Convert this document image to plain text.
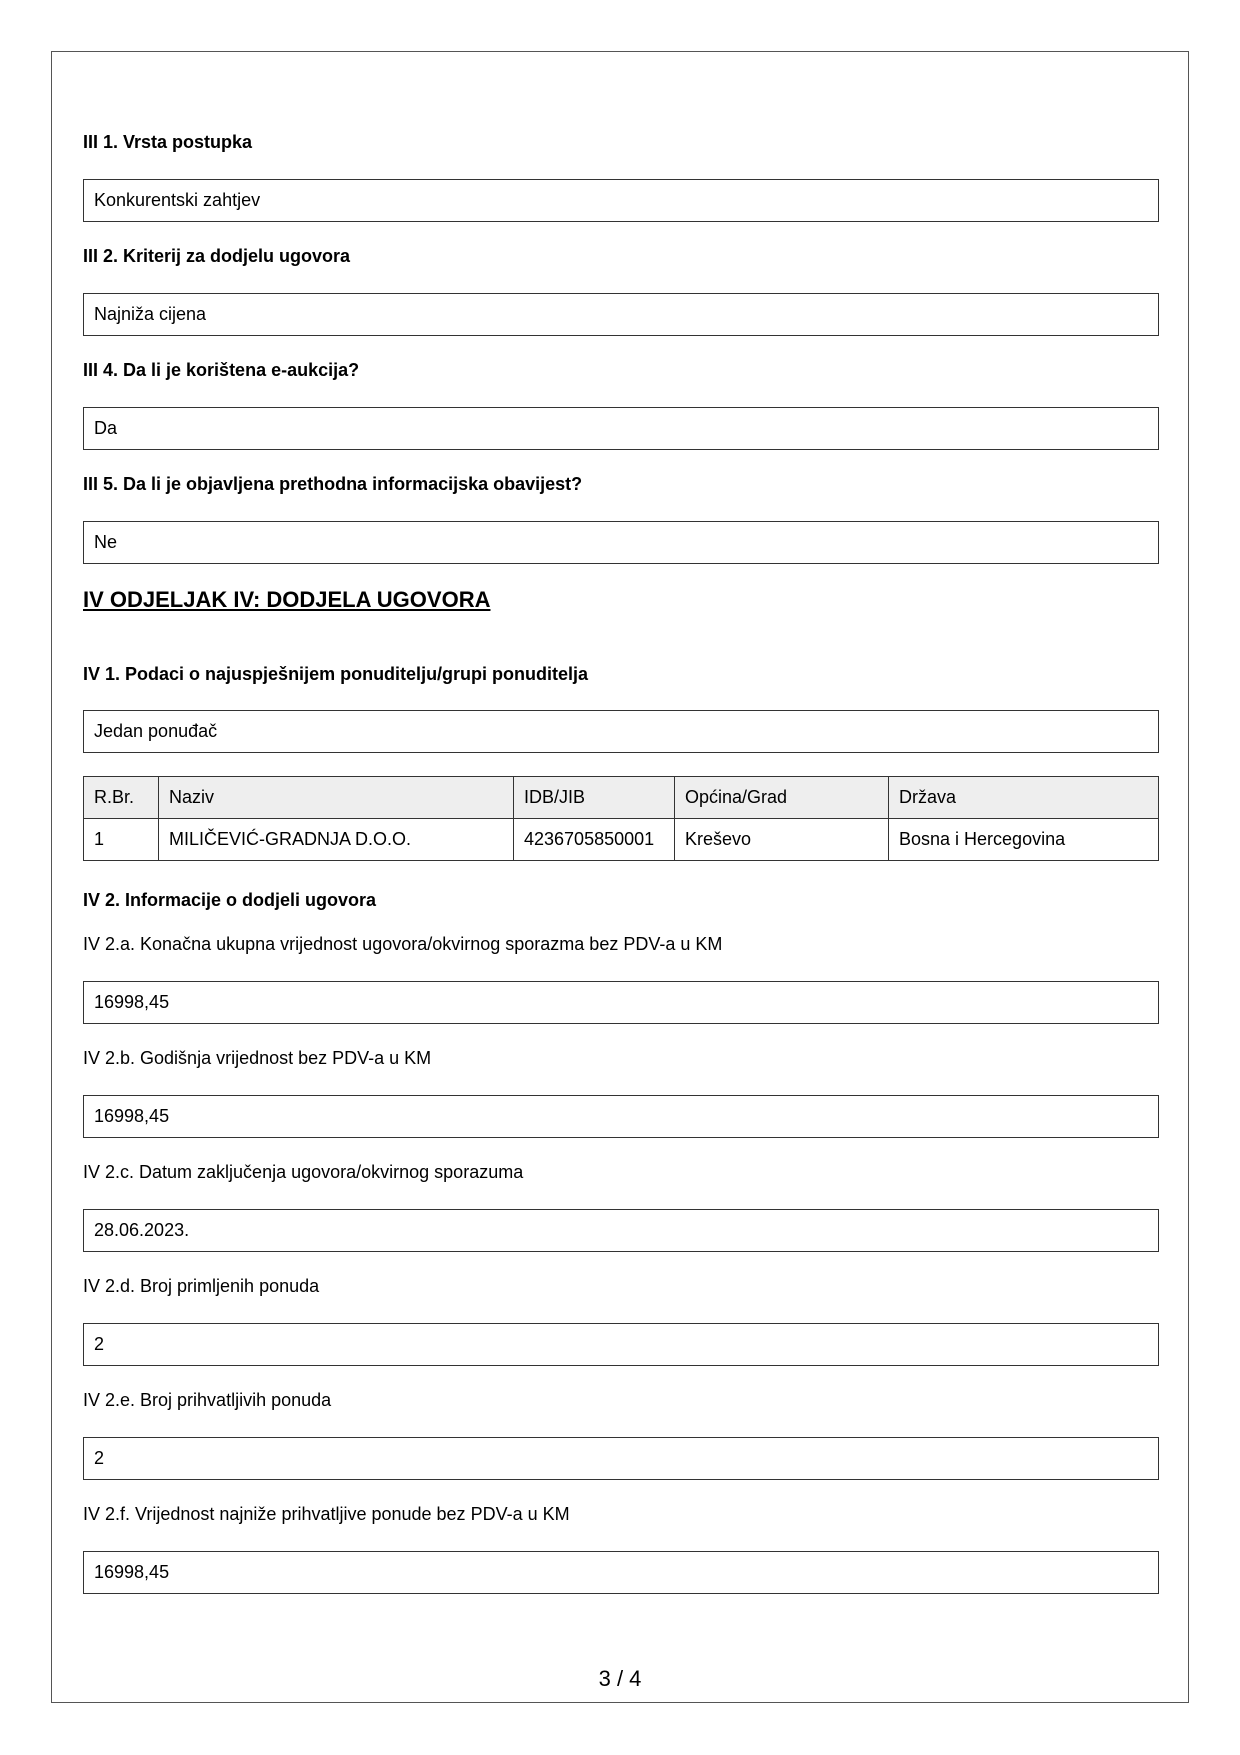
III 1. Vrsta postupka
Konkurentski zahtjev
III 2. Kriterij za dodjelu ugovora
Najniža cijena
III 4. Da li je korištena e-aukcija?
Da
III 5. Da li je objavljena prethodna informacijska obavijest?
Ne
IV ODJELJAK IV: DODJELA UGOVORA
IV 1. Podaci o najuspješnijem ponuditelju/grupi ponuditelja
Jedan ponuđač
R.Br.	Naziv	IDB/JIB	Općina/Grad	Država
1	MILIČEVIĆ-GRADNJA D.O.O.	4236705850001	Kreševo	Bosna i Hercegovina
IV 2. Informacije o dodjeli ugovora
IV 2.a. Konačna ukupna vrijednost ugovora/okvirnog sporazma bez PDV-a u KM
16998,45
IV 2.b. Godišnja vrijednost bez PDV-a u KM
16998,45
IV 2.c. Datum zaključenja ugovora/okvirnog sporazuma
28.06.2023.
IV 2.d. Broj primljenih ponuda
2
IV 2.e. Broj prihvatljivih ponuda
2
IV 2.f. Vrijednost najniže prihvatljive ponude bez PDV-a u KM
16998,45
3 / 4
